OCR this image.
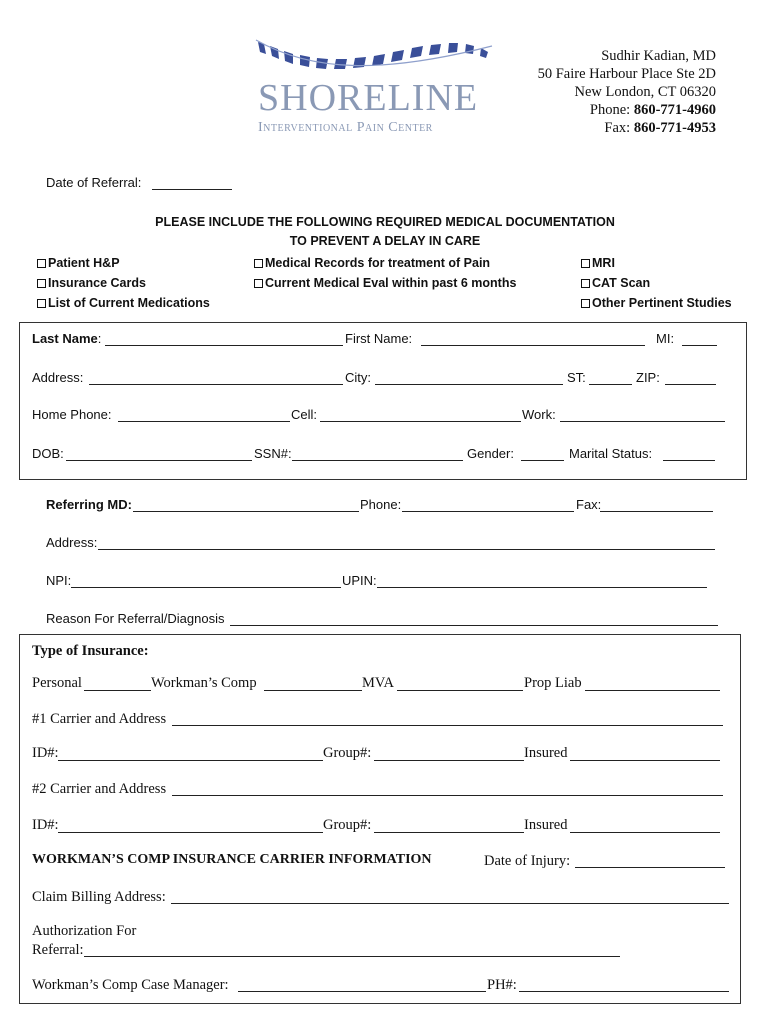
SHORELINE
Interventional Pain Center
Sudhir Kadian, MD
50 Faire Harbour Place Ste 2D
New London, CT 06320
Phone: 860-771-4960
Fax: 860-771-4953
Date of Referral:
PLEASE INCLUDE THE FOLLOWING REQUIRED MEDICAL DOCUMENTATION
TO PREVENT A DELAY IN CARE
Patient H&P
Insurance Cards
List of Current Medications
Medical Records for treatment of Pain
Current Medical Eval within past 6 months
MRI
CAT Scan
Other Pertinent Studies
Last Name:	First Name:	MI:
Address:	City:	ST:	ZIP:
Home Phone:	Cell:	Work:
DOB:	SSN#:	Gender:	Marital Status:
Referring MD:	Phone:	Fax:
Address:
NPI:	UPIN:
Reason For Referral/Diagnosis
Type of Insurance:
Personal	Workman’s Comp	MVA	Prop Liab
#1 Carrier and Address
ID#:	Group#:	Insured
#2 Carrier and Address
ID#:	Group#:	Insured
WORKMAN’S COMP INSURANCE CARRIER INFORMATION	Date of Injury:
Claim Billing Address:
Authorization For
Referral:
Workman’s Comp Case Manager:	PH#:
